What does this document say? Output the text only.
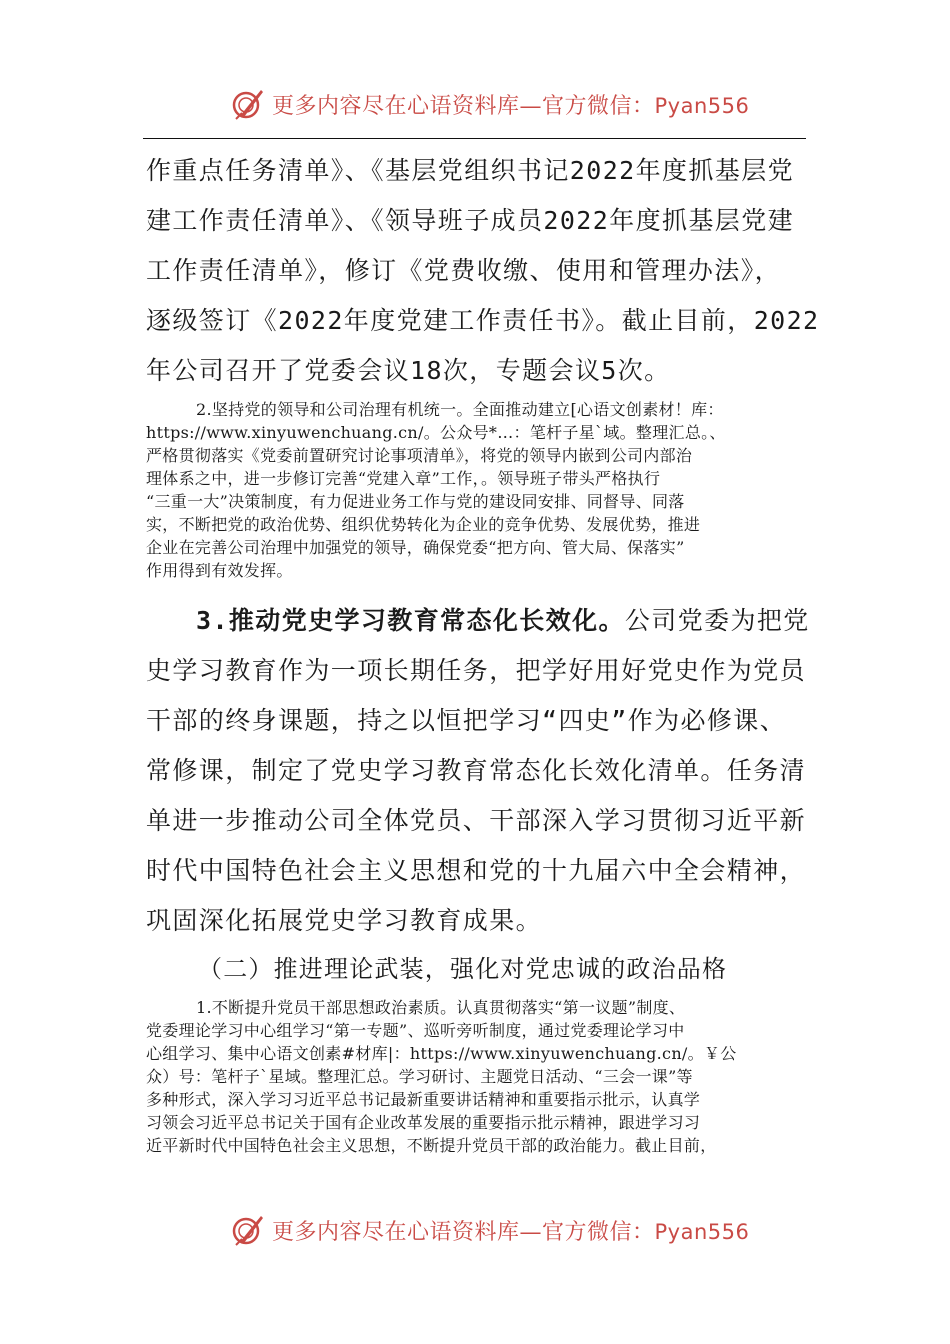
更多内容尽在心语资料库—官方微信：Pyan556
作重点任务清单》、《基层党组织书记2022年度抓基层党
建工作责任清单》、《领导班子成员2022年度抓基层党建
工作责任清单》，修订《党费收缴、使用和管理办法》，
逐级签订《2022年度党建工作责任书》。截止目前，2022
年公司召开了党委会议18次，专题会议5次。
2.坚持党的领导和公司治理有机统一。全面推动建立[心语文创素材！库：
https://www.xinyuwenchuang.cn/。公众号*…：笔杆子星`域。整理汇总。、
严格贯彻落实《党委前置研究讨论事项清单》，将党的领导内嵌到公司内部治
理体系之中，进一步修订完善“党建入章”工作，。领导班子带头严格执行
“三重一大”决策制度，有力促进业务工作与党的建设同安排、同督导、同落
实，不断把党的政治优势、组织优势转化为企业的竞争优势、发展优势，推进
企业在完善公司治理中加强党的领导，确保党委“把方向、管大局、保落实”
作用得到有效发挥。
3.推动党史学习教育常态化长效化。公司党委为把党
史学习教育作为一项长期任务，把学好用好党史作为党员
干部的终身课题，持之以恒把学习“四史”作为必修课、
常修课，制定了党史学习教育常态化长效化清单。任务清
单进一步推动公司全体党员、干部深入学习贯彻习近平新
时代中国特色社会主义思想和党的十九届六中全会精神，
巩固深化拓展党史学习教育成果。
（二）推进理论武装，强化对党忠诚的政治品格
1.不断提升党员干部思想政治素质。认真贯彻落实“第一议题”制度、
党委理论学习中心组学习“第一专题”、巡听旁听制度，通过党委理论学习中
心组学习、集中心语文创素#材库|：https://www.xinyuwenchuang.cn/。￥公
众）号：笔杆子`星域。整理汇总。学习研讨、主题党日活动、“三会一课”等
多种形式，深入学习习近平总书记最新重要讲话精神和重要指示批示，认真学
习领会习近平总书记关于国有企业改革发展的重要指示批示精神，跟进学习习
近平新时代中国特色社会主义思想，不断提升党员干部的政治能力。截止目前，
更多内容尽在心语资料库—官方微信：Pyan556
